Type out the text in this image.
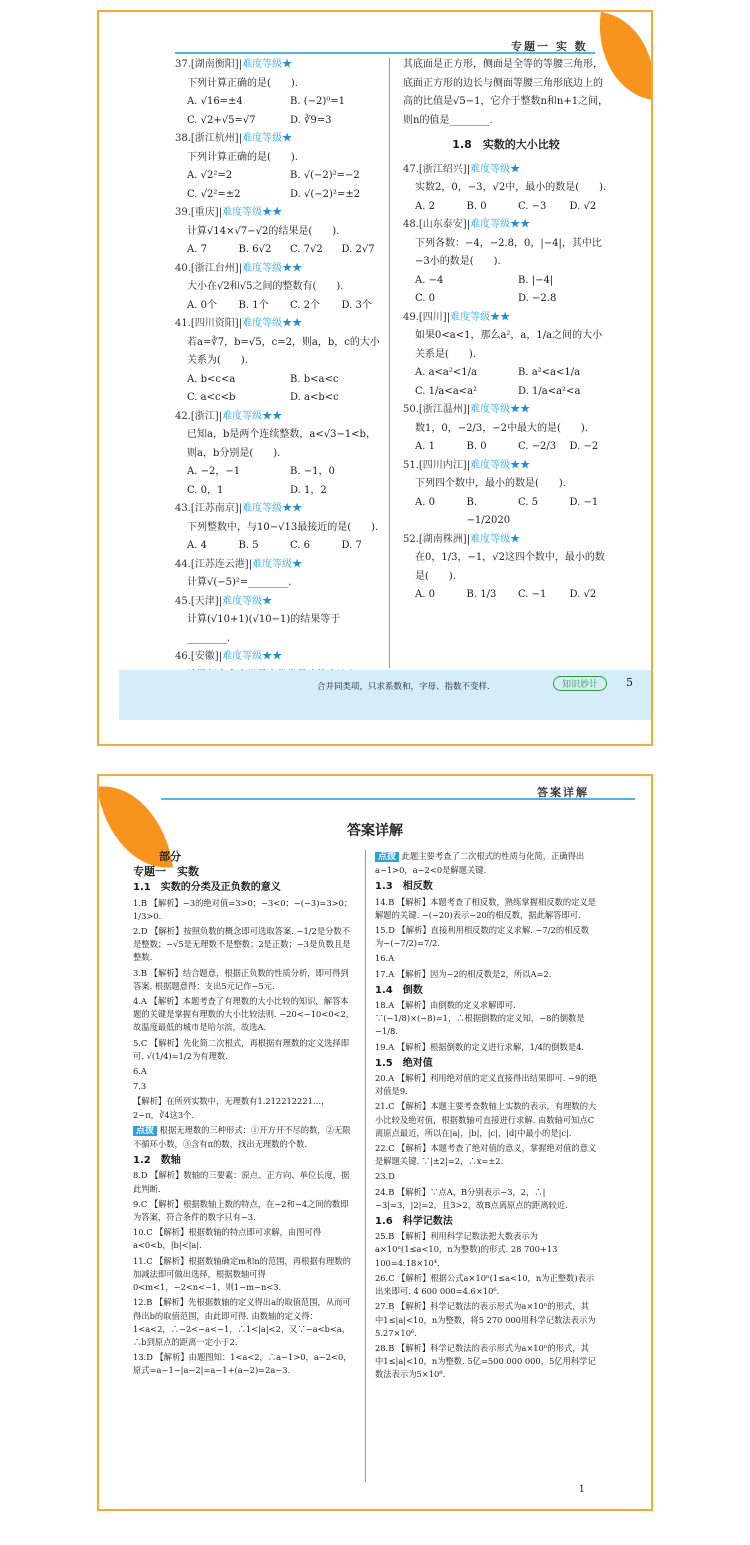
专题一 实 数
37.[湖南衡阳]|难度等级★
下列计算正确的是(　　).
A. √16=±4	B. (−2)⁰=1
C. √2+√5=√7	D. ∛9=3
38.[浙江杭州]|难度等级★
下列计算正确的是(　　).
A. √2²=2	B. √(−2)²=−2
C. √2²=±2	D. √(−2)²=±2
39.[重庆]|难度等级★★
计算√14×√7−√2的结果是(　　).
A. 7	B. 6√2	C. 7√2	D. 2√7
40.[浙江台州]|难度等级★★
大小在√2和√5之间的整数有(　　).
A. 0个	B. 1个	C. 2个	D. 3个
41.[四川资阳]|难度等级★★
若a=∛7，b=√5，c=2，则a，b，c的大小关系为(　　).
A. b<c<a	B. b<a<c
C. a<c<b	D. a<b<c
42.[浙江]|难度等级★★
已知a，b是两个连续整数，a<√3−1<b，则a，b分别是(　　).
A. −2，−1	B. −1，0
C. 0，1	D. 1，2
43.[江苏南京]|难度等级★★
下列整数中，与10−√13最接近的是(　　).
A. 4	B. 5	C. 6	D. 7
44.[江苏连云港]|难度等级★
计算√(−5)²=________.
45.[天津]|难度等级★
计算(√10+1)(√10−1)的结果等于________.
46.[安徽]|难度等级★★

其底面是正方形，侧面是全等的等腰三角形，底面正方形的边长与侧面等腰三角形底边上的高的比值是√5−1，它介于整数n和n+1之间，则n的值是________.

1.8　实数的大小比较
47.[浙江绍兴]|难度等级★
实数2，0，−3，√2中，最小的数是(　　).
A. 2	B. 0	C. −3	D. √2
48.[山东泰安]|难度等级★★
下列各数：−4，−2.8，0，|−4|，其中比−3小的数是(　　).
A. −4	B. |−4|
C. 0	D. −2.8
49.[四川]|难度等级★★
如果0<a<1，那么a²，a，1/a之间的大小关系是(　　).
A. a<a²<1/a	B. a²<a<1/a
C. 1/a<a<a²	D. 1/a<a²<a
50.[浙江温州]|难度等级★★
数1，0，−2/3，−2中最大的是(　　).
A. 1	B. 0	C. −2/3	D. −2
51.[四川内江]|难度等级★★
下列四个数中，最小的数是(　　).
A. 0	B. −1/2020
C. 5	D. −1
52.[湖南株洲]|难度等级★
在0，1/3，−1，√2这四个数中，最小的数是(　　).
A. 0	B. 1/3	C. −1	D. √2
合并同类项，只求系数和，字母、指数不变样.	知识妙计	5
答案详解
答案详解
部分
专题一　实数
1.1　实数的分类及正负数的意义

1.B 【解析】−3的绝对值=3>0；−3<0；−(−3)=3>0；1/3>0.

2.D 【解析】按照负数的概念即可选取答案. −1/2是分数不是整数；−√5是无理数不是整数；2是正数；−3是负数且是整数.

3.B 【解析】结合题意，根据正负数的性质分析，即可得到答案. 根据题意得：支出5元记作−5元.

4.A 【解析】本题考查了有理数的大小比较的知识，解答本题的关键是掌握有理数的大小比较法则. −20<−10<0<2，故温度最低的城市是哈尔滨，故选A.

5.C 【解析】先化简二次根式，再根据有理数的定义选择即可. √(1/4)=1/2为有理数.

6.A

7.3

【解析】在所列实数中，无理数有1.212212221…，2−π，∛4这3个.

点拨 根据无理数的三种形式：①开方开不尽的数，②无限不循环小数，③含有π的数，找出无理数的个数.

1.2　数轴

8.D 【解析】数轴的三要素：原点、正方向、单位长度，据此判断.

9.C 【解析】根据数轴上数的特点，在−2和−4之间的数即为答案，符合条件的数字只有−3.

10.C 【解析】根据数轴的特点即可求解，由图可得a<0<b，|b|<|a|.

11.C 【解析】根据数轴确定m和n的范围，再根据有理数的加减法即可做出选择，根据数轴可得0<m<1，−2<n<−1，则1−m−n<3.

12.B 【解析】先根据数轴的定义得出a的取值范围，从而可得出b的取值范围，由此即可得. 由数轴的定义得：1<a<2，∴−2<−a<−1，∴1<|a|<2，又∵−a<b<a，∴b到原点的距离一定小于2.

13.D 【解析】由题图知：1<a<2，∴a−1>0，a−2<0，原式=a−1−|a−2|=a−1+(a−2)=2a−3.

点拨 此题主要考查了二次根式的性质与化简，正确得出a−1>0，a−2<0是解题关键.

1.3　相反数

14.B 【解析】本题考查了相反数，熟练掌握相反数的定义是解题的关键. −(−20)表示−20的相反数，据此解答即可.

15.D 【解析】直接利用相反数的定义求解. −7/2的相反数为−(−7/2)=7/2.

16.A

17.A 【解析】因为−2的相反数是2，所以A=2.

1.4　倒数

18.A 【解析】由倒数的定义求解即可. ∵(−1/8)×(−8)=1，∴根据倒数的定义知，−8的倒数是−1/8.

19.A 【解析】根据倒数的定义进行求解，1/4的倒数是4.

1.5　绝对值

20.A 【解析】利用绝对值的定义直接得出结果即可. −9的绝对值是9.

21.C 【解析】本题主要考查数轴上实数的表示，有理数的大小比较及绝对值，根据数轴可直接进行求解. 由数轴可知点C离原点最近，所以在|a|，|b|，|c|，|d|中最小的是|c|.

22.C 【解析】本题考查了绝对值的意义，掌握绝对值的意义是解题关键. ∵|±2|=2，∴x=±2.

23.D

24.B 【解析】∵点A，B分别表示−3，2，∴|−3|=3，|2|=2，且3>2，故B点离原点的距离较近.

1.6　科学记数法

25.B 【解析】利用科学记数法把大数表示为a×10ⁿ(1≤a<10，n为整数)的形式. 28 700+13 100=4.18×10⁴.

26.C 【解析】根据公式a×10ⁿ(1≤a<10，n为正整数)表示出来即可. 4 600 000=4.6×10⁶.

27.B 【解析】科学记数法的表示形式为a×10ⁿ的形式，其中1≤|a|<10，n为整数，将5 270 000用科学记数法表示为5.27×10⁶.

28.B 【解析】科学记数法的表示形式为a×10ⁿ的形式，其中1≤|a|<10，n为整数. 5亿=500 000 000，5亿用科学记数法表示为5×10⁸.

1
